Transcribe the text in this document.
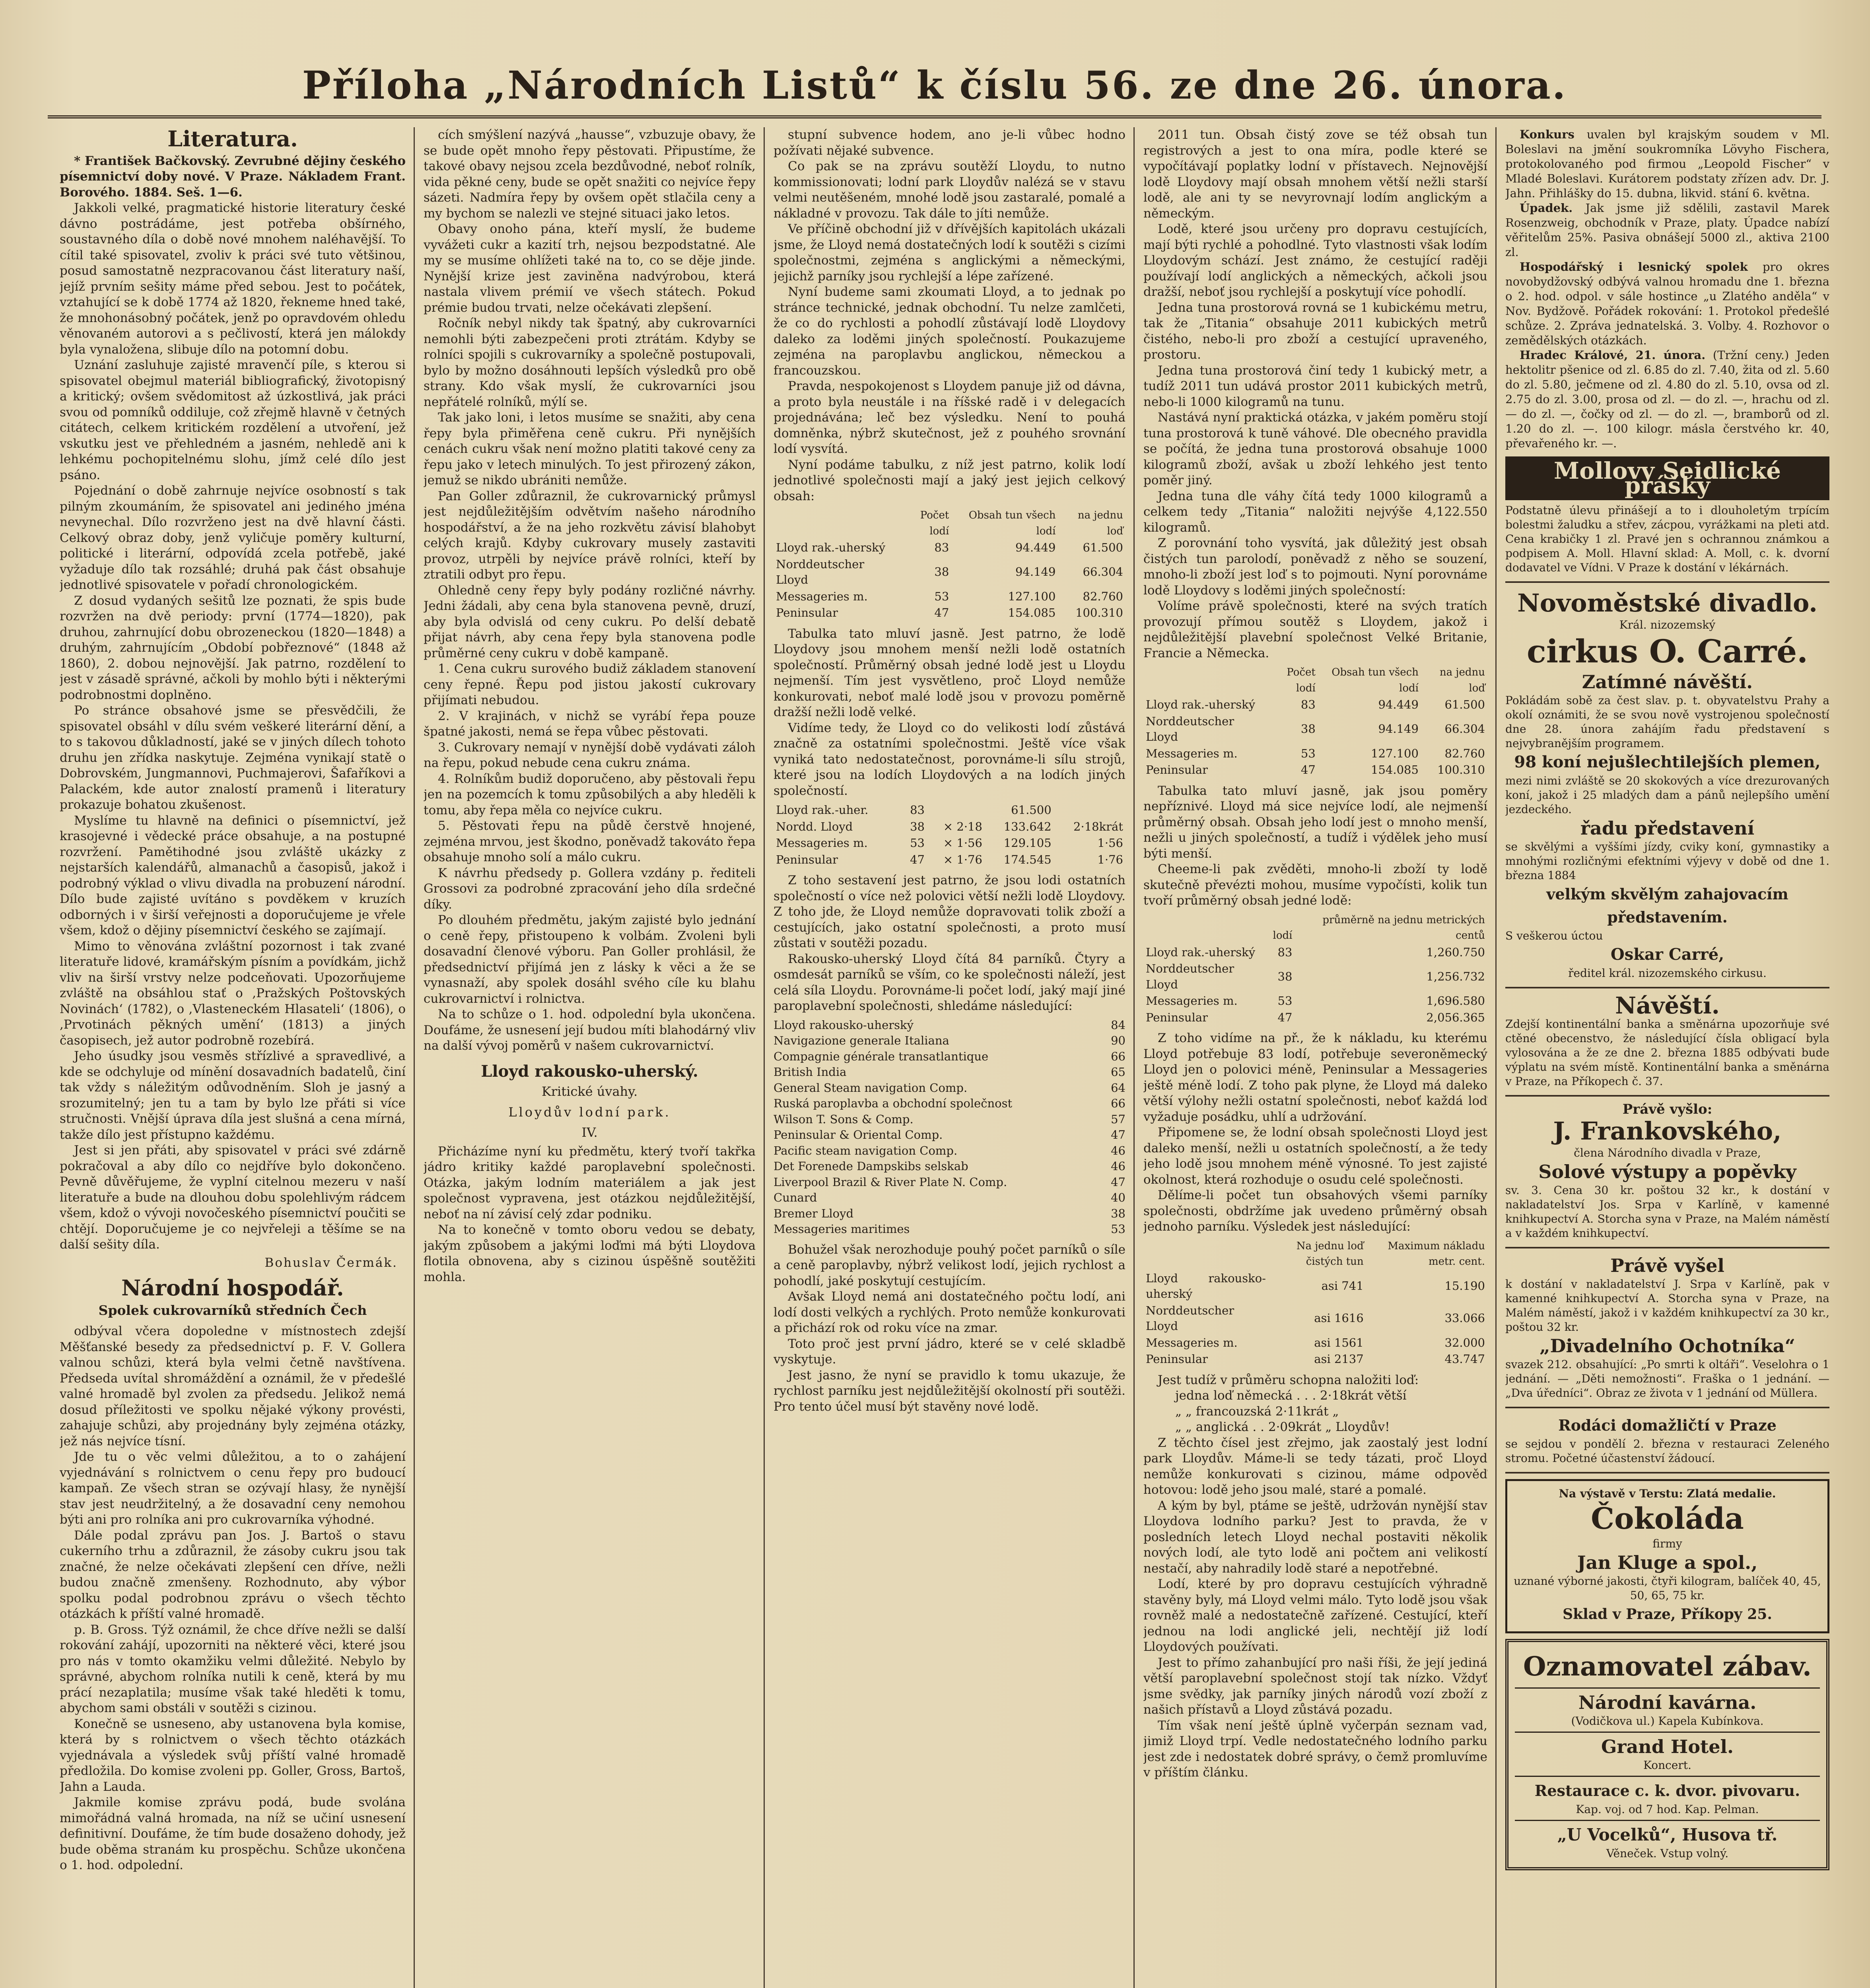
Příloha „Národních Listů“ k číslu 56. ze dne 26. února.
Literatura.

* František Bačkovský. Zevrubné dějiny českého písemnictví doby nové. V Praze. Nákladem Frant. Borového. 1884. Seš. 1—6.

Jakkoli velké, pragmatické historie literatury české dávno postrádáme, jest potřeba obšírného, soustavného díla o době nové mnohem naléhavější. To cítil také spisovatel, zvoliv k práci své tuto většinou, posud samostatně nezpracovanou část literatury naší, jejíž prvním sešity máme před sebou. Jest to počátek, vztahující se k době 1774 až 1820, řekneme hned také, že mnohonásobný počátek, jenž po opravdovém ohledu věnovaném autorovi a s pečlivostí, která jen málokdy byla vynaložena, slibuje dílo na potomní dobu.

Uznání zasluhuje zajisté mravenčí píle, s kterou si spisovatel obejmul materiál bibliografický, životopisný a kritický; ovšem svědomitost až úzkostlivá, jak práci svou od pomníků oddiluje, což zřejmě hlavně v četných citátech, celkem kritickém rozdělení a utvoření, jež vskutku jest ve přehledném a jasném, nehledě ani k lehkému pochopitelnému slohu, jímž celé dílo jest psáno.

Pojednání o době zahrnuje nejvíce osobností s tak pilným zkoumáním, že spisovatel ani jediného jména nevynechal. Dílo rozvrženo jest na dvě hlavní části. Celkový obraz doby, jenž vyličuje poměry kulturní, politické i literární, odpovídá zcela potřebě, jaké vyžaduje dílo tak rozsáhlé; druhá pak část obsahuje jednotlivé spisovatele v pořadí chronologickém.

Z dosud vydaných sešitů lze poznati, že spis bude rozvržen na dvě periody: první (1774—1820), pak druhou, zahrnující dobu obrozeneckou (1820—1848) a druhým, zahrnujícím „Období pobřeznové“ (1848 až 1860), 2. dobou nejnovější. Jak patrno, rozdělení to jest v zásadě správné, ačkoli by mohlo býti i některými podrobnostmi doplněno.

Po stránce obsahové jsme se přesvědčili, že spisovatel obsáhl v dílu svém veškeré literární dění, a to s takovou důkladností, jaké se v jiných dílech tohoto druhu jen zřídka naskytuje. Zejména vynikají statě o Dobrovském, Jungmannovi, Puchmajerovi, Šafaříkovi a Palackém, kde autor znalostí pramenů i literatury prokazuje bohatou zkušenost.

Myslíme tu hlavně na definici o písemnictví, jež krasojevné i vědecké práce obsahuje, a na postupné rozvržení. Pamětihodné jsou zvláště ukázky z nejstarších kalendářů, almanachů a časopisů, jakož i podrobný výklad o vlivu divadla na probuzení národní. Dílo bude zajisté uvítáno s povděkem v kruzích odborných i v širší veřejnosti a doporučujeme je vřele všem, kdož o dějiny písemnictví českého se zajímají.

Mimo to věnována zvláštní pozornost i tak zvané literatuře lidové, kramářským písním a povídkám, jichž vliv na širší vrstvy nelze podceňovati. Upozorňujeme zvláště na obsáhlou stať o ,Pražských Poštovských Novinách‘ (1782), o ,Vlasteneckém Hlasateli‘ (1806), o ,Prvotinách pěkných umění‘ (1813) a jiných časopisech, jež autor podrobně rozebírá.

Jeho úsudky jsou vesměs střízlivé a spravedlivé, a kde se odchyluje od mínění dosavadních badatelů, činí tak vždy s náležitým odůvodněním. Sloh je jasný a srozumitelný; jen tu a tam by bylo lze přáti si více stručnosti. Vnější úprava díla jest slušná a cena mírná, takže dílo jest přístupno každému.

Jest si jen přáti, aby spisovatel v práci své zdárně pokračoval a aby dílo co nejdříve bylo dokončeno. Pevně důvěřujeme, že vyplní citelnou mezeru v naší literatuře a bude na dlouhou dobu spolehlivým rádcem všem, kdož o vývoji novočeského písemnictví poučiti se chtějí. Doporučujeme je co nejvřeleji a těšíme se na další sešity díla.

Bohuslav Čermák.
Národní hospodář.
Spolek cukrovarníků středních Čech

odbýval včera dopoledne v místnostech zdejší Měšťanské besedy za předsednictví p. F. V. Gollera valnou schůzi, která byla velmi četně navštívena. Předseda uvítal shromáždění a oznámil, že v předešlé valné hromadě byl zvolen za předsedu. Jelikož nemá dosud příležitosti ve spolku nějaké výkony provésti, zahajuje schůzi, aby projednány byly zejména otázky, jež nás nejvíce tísní.

Jde tu o věc velmi důležitou, a to o zahájení vyjednávání s rolnictvem o cenu řepy pro budoucí kampaň. Ze všech stran se ozývají hlasy, že nynější stav jest neudržitelný, a že dosavadní ceny nemohou býti ani pro rolníka ani pro cukrovarníka výhodné.

Dále podal zprávu pan Jos. J. Bartoš o stavu cukerního trhu a zdůraznil, že zásoby cukru jsou tak značné, že nelze očekávati zlepšení cen dříve, nežli budou značně zmenšeny. Rozhodnuto, aby výbor spolku podal podrobnou zprávu o všech těchto otázkách k příští valné hromadě.

p. B. Gross. Týž oznámil, že chce dříve nežli se další rokování zahájí, upozorniti na některé věci, které jsou pro nás v tomto okamžiku velmi důležité. Nebylo by správné, abychom rolníka nutili k ceně, která by mu prácí nezaplatila; musíme však také hleděti k tomu, abychom sami obstáli v soutěži s cizinou.

Konečně se usneseno, aby ustanovena byla komise, která by s rolnictvem o všech těchto otázkách vyjednávala a výsledek svůj příští valné hromadě předložila. Do komise zvoleni pp. Goller, Gross, Bartoš, Jahn a Lauda.

Jakmile komise zprávu podá, bude svolána mimořádná valná hromada, na níž se učiní usnesení definitivní. Doufáme, že tím bude dosaženo dohody, jež bude oběma stranám ku prospěchu. Schůze ukončena o 1. hod. odpolední.

cích smýšlení nazývá „hausse“, vzbuzuje obavy, že se bude opět mnoho řepy pěstovati. Připustíme, že takové obavy nejsou zcela bezdůvodné, neboť rolník, vida pěkné ceny, bude se opět snažiti co nejvíce řepy sázeti. Nadmíra řepy by ovšem opět stlačila ceny a my bychom se nalezli ve stejné situaci jako letos.

Obavy onoho pána, kteří myslí, že budeme vyvážeti cukr a kazití trh, nejsou bezpodstatné. Ale my se musíme ohlížeti také na to, co se děje jinde. Nynější krize jest zaviněna nadvýrobou, která nastala vlivem prémií ve všech státech. Pokud prémie budou trvati, nelze očekávati zlepšení.

Ročník nebyl nikdy tak špatný, aby cukrovarníci nemohli býti zabezpečeni proti ztrátám. Kdyby se rolníci spojili s cukrovarníky a společně postupovali, bylo by možno dosáhnouti lepších výsledků pro obě strany. Kdo však myslí, že cukrovarníci jsou nepřátelé rolníků, mýlí se.

Tak jako loni, i letos musíme se snažiti, aby cena řepy byla přiměřena ceně cukru. Při nynějších cenách cukru však není možno platiti takové ceny za řepu jako v letech minulých. To jest přirozený zákon, jemuž se nikdo ubrániti nemůže.

Pan Goller zdůraznil, že cukrovarnický průmysl jest nejdůležitějším odvětvím našeho národního hospodářství, a že na jeho rozkvětu závisí blahobyt celých krajů. Kdyby cukrovary musely zastaviti provoz, utrpěli by nejvíce právě rolníci, kteří by ztratili odbyt pro řepu.

Ohledně ceny řepy byly podány rozličné návrhy. Jedni žádali, aby cena byla stanovena pevně, druzí, aby byla odvislá od ceny cukru. Po delší debatě přijat návrh, aby cena řepy byla stanovena podle průměrné ceny cukru v době kampaně.

1. Cena cukru surového budiž základem stanovení ceny řepné. Řepu pod jistou jakostí cukrovary přijímati nebudou.

2. V krajinách, v nichž se vyrábí řepa pouze špatné jakosti, nemá se řepa vůbec pěstovati.

3. Cukrovary nemají v nynější době vydávati záloh na řepu, pokud nebude cena cukru známa.

4. Rolníkům budiž doporučeno, aby pěstovali řepu jen na pozemcích k tomu způsobilých a aby hleděli k tomu, aby řepa měla co nejvíce cukru.

5. Pěstovati řepu na půdě čerstvě hnojené, zejména mrvou, jest škodno, poněvadž takováto řepa obsahuje mnoho solí a málo cukru.

K návrhu předsedy p. Gollera vzdány p. řediteli Grossovi za podrobné zpracování jeho díla srdečné díky.

Po dlouhém předmětu, jakým zajisté bylo jednání o ceně řepy, přistoupeno k volbám. Zvoleni byli dosavadní členové výboru. Pan Goller prohlásil, že předsednictví přijímá jen z lásky k věci a že se vynasnaží, aby spolek dosáhl svého cíle ku blahu cukrovarnictví i rolnictva.

Na to schůze o 1. hod. odpolední byla ukončena. Doufáme, že usnesení její budou míti blahodárný vliv na další vývoj poměrů v našem cukrovarnictví.

Lloyd rakousko-uherský.
Kritické úvahy.
Lloydův lodní park.
IV.

Přicházíme nyní ku předmětu, který tvoří takřka jádro kritiky každé paroplavební společnosti. Otázka, jakým lodním materiálem a jak jest společnost vypravena, jest otázkou nejdůležitější, neboť na ní závisí celý zdar podniku.

Na to konečně v tomto oboru vedou se debaty, jakým způsobem a jakými loďmi má býti Lloydova flotila obnovena, aby s cizinou úspěšně soutěžiti mohla.

stupní subvence hodem, ano je-li vůbec hodno požívati nějaké subvence.

Co pak se na zprávu soutěží Lloydu, to nutno kommissionovati; lodní park Lloydův nalézá se v stavu velmi neutěšeném, mnohé lodě jsou zastaralé, pomalé a nákladné v provozu. Tak dále to jíti nemůže.

Ve příčině obchodní již v dřívějších kapitolách ukázali jsme, že Lloyd nemá dostatečných lodí k soutěži s cizími společnostmi, zejména s anglickými a německými, jejichž parníky jsou rychlejší a lépe zařízené.

Nyní budeme sami zkoumati Lloyd, a to jednak po stránce technické, jednak obchodní. Tu nelze zamlčeti, že co do rychlosti a pohodlí zůstávají lodě Lloydovy daleko za loděmi jiných společností. Poukazujeme zejména na paroplavbu anglickou, německou a francouzskou.

Pravda, nespokojenost s Lloydem panuje již od dávna, a proto byla neustále i na říšské radě i v delegacích projednávána; leč bez výsledku. Není to pouhá domněnka, nýbrž skutečnost, jež z pouhého srovnání lodí vysvítá.

Nyní podáme tabulku, z níž jest patrno, kolik lodí jednotlivé společnosti mají a jaký jest jejich celkový obsah:

	Počet lodí	Obsah tun všech lodí	na jednu loď
Lloyd rak.-uherský	83	94.449	61.500
Norddeutscher Lloyd	38	94.149	66.304
Messageries m.	53	127.100	82.760
Peninsular	47	154.085	100.310

Tabulka tato mluví jasně. Jest patrno, že lodě Lloydovy jsou mnohem menší nežli lodě ostatních společností. Průměrný obsah jedné lodě jest u Lloydu nejmenší. Tím jest vysvětleno, proč Lloyd nemůže konkurovati, neboť malé lodě jsou v provozu poměrně dražší nežli lodě velké.

Vidíme tedy, že Lloyd co do velikosti lodí zůstává značně za ostatními společnostmi. Ještě více však vyniká tato nedostatečnost, porovnáme-li sílu strojů, které jsou na lodích Lloydových a na lodích jiných společností.

Lloyd rak.-uher.	83		61.500	
Nordd. Lloyd	38	× 2·18	133.642	2·18krát
Messageries m.	53	× 1·56	129.105	1·56
Peninsular	47	× 1·76	174.545	1·76

Z toho sestavení jest patrno, že jsou lodi ostatních společností o více než polovici větší nežli lodě Lloydovy. Z toho jde, že Lloyd nemůže dopravovati tolik zboží a cestujících, jako ostatní společnosti, a proto musí zůstati v soutěži pozadu.

Rakousko-uherský Lloyd čítá 84 parníků. Čtyry a osmdesát parníků se vším, co ke společnosti náleží, jest celá síla Lloydu. Porovnáme-li počet lodí, jaký mají jiné paroplavební společnosti, shledáme následující:

Lloyd rakousko-uherský	84
Navigazione generale Italiana	90
Compagnie générale transatlantique	66
British India	65
General Steam navigation Comp.	64
Ruská paroplavba a obchodní společnost	66
Wilson T. Sons & Comp.	57
Peninsular & Oriental Comp.	47
Pacific steam navigation Comp.	46
Det Forenede Dampskibs selskab	46
Liverpool Brazil & River Plate N. Comp.	47
Cunard	40
Bremer Lloyd	38
Messageries maritimes	53

Bohužel však nerozhoduje pouhý počet parníků o síle a ceně paroplavby, nýbrž velikost lodí, jejich rychlost a pohodlí, jaké poskytují cestujícím.

Avšak Lloyd nemá ani dostatečného počtu lodí, ani lodí dosti velkých a rychlých. Proto nemůže konkurovati a přichází rok od roku více na zmar.

Toto proč jest první jádro, které se v celé skladbě vyskytuje.

Jest jasno, že nyní se pravidlo k tomu ukazuje, že rychlost parníku jest nejdůležitější okolností při soutěži. Pro tento účel musí být stavěny nové lodě.

2011 tun. Obsah čistý zove se též obsah tun registrových a jest to ona míra, podle které se vypočítávají poplatky lodní v přístavech. Nejnovější lodě Lloydovy mají obsah mnohem větší nežli starší lodě, ale ani ty se nevyrovnají lodím anglickým a německým.

Lodě, které jsou určeny pro dopravu cestujících, mají býti rychlé a pohodlné. Tyto vlastnosti však lodím Lloydovým schází. Jest známo, že cestující raději používají lodí anglických a německých, ačkoli jsou dražší, neboť jsou rychlejší a poskytují více pohodlí.

Jedna tuna prostorová rovná se 1 kubickému metru, tak že „Titania“ obsahuje 2011 kubických metrů čistého, nebo-li pro zboží a cestující upraveného, prostoru.

Jedna tuna prostorová činí tedy 1 kubický metr, a tudíž 2011 tun udává prostor 2011 kubických metrů, nebo-li 1000 kilogramů na tunu.

Nastává nyní praktická otázka, v jakém poměru stojí tuna prostorová k tuně váhové. Dle obecného pravidla se počítá, že jedna tuna prostorová obsahuje 1000 kilogramů zboží, avšak u zboží lehkého jest tento poměr jiný.

Jedna tuna dle váhy čítá tedy 1000 kilogramů a celkem tedy „Titania“ naložiti nejvýše 4,122.550 kilogramů.

Z porovnání toho vysvítá, jak důležitý jest obsah čistých tun parolodí, poněvadž z něho se souzení, mnoho-li zboží jest loď s to pojmouti. Nyní porovnáme lodě Lloydovy s loděmi jiných společností:

Volíme právě společnosti, které na svých tratích provozují přímou soutěž s Lloydem, jakož i nejdůležitější plavební společnost Velké Britanie, Francie a Německa.

	Počet lodí	Obsah tun všech lodí	na jednu loď
Lloyd rak.-uherský	83	94.449	61.500
Norddeutscher Lloyd	38	94.149	66.304
Messageries m.	53	127.100	82.760
Peninsular	47	154.085	100.310

Tabulka tato mluví jasně, jak jsou poměry nepříznivé. Lloyd má sice nejvíce lodí, ale nejmenší průměrný obsah. Obsah jeho lodí jest o mnoho menší, nežli u jiných společností, a tudíž i výdělek jeho musí býti menší.

Cheeme-li pak zvěděti, mnoho-li zboží ty lodě skutečně převézti mohou, musíme vypočísti, kolik tun tvoří průměrný obsah jedné lodě:

	lodí	průměrně na jednu metrických centů
Lloyd rak.-uherský	83	1,260.750
Norddeutscher Lloyd	38	1,256.732
Messageries m.	53	1,696.580
Peninsular	47	2,056.365

Z toho vidíme na př., že k nákladu, ku kterému Lloyd potřebuje 83 lodí, potřebuje severoněmecký Lloyd jen o polovici méně, Peninsular a Messageries ještě méně lodí. Z toho pak plyne, že Lloyd má daleko větší výlohy nežli ostatní společnosti, neboť každá loď vyžaduje posádku, uhlí a udržování.

Připomene se, že lodní obsah společnosti Lloyd jest daleko menší, nežli u ostatních společností, a že tedy jeho lodě jsou mnohem méně výnosné. To jest zajisté okolnost, která rozhoduje o osudu celé společnosti.

Dělíme-li počet tun obsahových všemi parníky společnosti, obdržíme jak uvedeno průměrný obsah jednoho parníku. Výsledek jest následující:

	Na jednu loď čistých tun	Maximum nákladu metr. cent.
Lloyd rakousko-uherský	asi 741	15.190
Norddeutscher Lloyd	asi 1616	33.066
Messageries m.	asi 1561	32.000
Peninsular	asi 2137	43.747

Jest tudíž v průměru schopna naložiti loď:

jedna loď německá . . . 2·18krát větší

„ „ francouzská 2·11krát „

„ „ anglická . . 2·09krát „ Lloydův!

Z těchto čísel jest zřejmo, jak zaostalý jest lodní park Lloydův. Máme-li se tedy tázati, proč Lloyd nemůže konkurovati s cizinou, máme odpověď hotovou: lodě jeho jsou malé, staré a pomalé.

A kým by byl, ptáme se ještě, udržován nynější stav Lloydova lodního parku? Jest to pravda, že v posledních letech Lloyd nechal postaviti několik nových lodí, ale tyto lodě ani počtem ani velikostí nestačí, aby nahradily lodě staré a nepotřebné.

Lodí, které by pro dopravu cestujících výhradně stavěny byly, má Lloyd velmi málo. Tyto lodě jsou však rovněž malé a nedostatečně zařízené. Cestující, kteří jednou na lodi anglické jeli, nechtějí již lodí Lloydových používati.

Jest to přímo zahanbující pro naši říši, že její jediná větší paroplavební společnost stojí tak nízko. Vždyť jsme svědky, jak parníky jiných národů vozí zboží z našich přístavů a Lloyd zůstává pozadu.

Tím však není ještě úplně vyčerpán seznam vad, jimiž Lloyd trpí. Vedle nedostatečného lodního parku jest zde i nedostatek dobré správy, o čemž promluvíme v příštím článku.

Konkurs uvalen byl krajským soudem v Ml. Boleslavi na jmění soukromníka Lövyho Fischera, protokolovaného pod firmou „Leopold Fischer“ v Mladé Boleslavi. Kurátorem podstaty zřízen adv. Dr. J. Jahn. Přihlášky do 15. dubna, likvid. stání 6. května.

Úpadek. Jak jsme již sdělili, zastavil Marek Rosenzweig, obchodník v Praze, platy. Úpadce nabízí věřitelům 25%. Pasiva obnášejí 5000 zl., aktiva 2100 zl.

Hospodářský i lesnický spolek pro okres novobydžovský odbývá valnou hromadu dne 1. března o 2. hod. odpol. v sále hostince „u Zlatého anděla“ v Nov. Bydžově. Pořádek rokování: 1. Protokol předešlé schůze. 2. Zpráva jednatelská. 3. Volby. 4. Rozhovor o zemědělských otázkách.

Hradec Králové, 21. února. (Tržní ceny.) Jeden hektolitr pšenice od zl. 6.85 do zl. 7.40, žita od zl. 5.60 do zl. 5.80, ječmene od zl. 4.80 do zl. 5.10, ovsa od zl. 2.75 do zl. 3.00, prosa od zl. — do zl. —, hrachu od zl. — do zl. —, čočky od zl. — do zl. —, bramborů od zl. 1.20 do zl. —. 100 kilogr. másla čerstvého kr. 40, převařeného kr. —.

Mollovy Seidlické prášky
Podstatně úlevu přinášejí a to i dlouholetým trpícím bolestmi žaludku a střev, zácpou, vyrážkami na pleti atd. Cena krabičky 1 zl. Pravé jen s ochrannou známkou a podpisem A. Moll. Hlavní sklad: A. Moll, c. k. dvorní dodavatel ve Vídni. V Praze k dostání v lékárnách.
Novoměstské divadlo.
Král. nizozemský
cirkus O. Carré.
Zatímné návěští.
Pokládám sobě za čest slav. p. t. obyvatelstvu Prahy a okolí oznámiti, že se svou nově vystrojenou společností dne 28. února zahájím řadu představení s nejvybranějším programem.
98 koní nejušlechtilejších plemen,
mezi nimi zvláště se 20 skokových a více drezurovaných koní, jakož i 25 mladých dam a pánů nejlepšího umění jezdeckého.
řadu představení
se skvělými a vyššími jízdy, cviky koní, gymnastiky a mnohými rozličnými efektními výjevy v době od dne 1. března 1884
velkým skvělým zahajovacím představením.
S veškerou úctou
Oskar Carré,
ředitel král. nizozemského cirkusu.
Návěští.
Zdejší kontinentální banka a směnárna upozorňuje své ctěné obecenstvo, že následující čísla obligací byla vylosována a že ze dne 2. března 1885 odbývati bude výplatu na svém místě. Kontinentální banka a směnárna v Praze, na Příkopech č. 37.
Právě vyšlo:
J. Frankovského,
člena Národního divadla v Praze,
Solové výstupy a popěvky
sv. 3. Cena 30 kr. poštou 32 kr., k dostání v nakladatelství Jos. Srpa v Karlíně, v kamenné knihkupectví A. Storcha syna v Praze, na Malém náměstí a v každém knihkupectví.
Právě vyšel
k dostání v nakladatelství J. Srpa v Karlíně, pak v kamenné knihkupectví A. Storcha syna v Praze, na Malém náměstí, jakož i v každém knihkupectví za 30 kr., poštou 32 kr.
„Divadelního Ochotníka“
svazek 212. obsahující: „Po smrti k oltáři“. Veselohra o 1 jednání. — „Děti nemožnosti“. Fraška o 1 jednání. — „Dva úředníci“. Obraz ze života v 1 jednání od Müllera.
Rodáci domažličtí v Praze
se sejdou v pondělí 2. března v restauraci Zeleného stromu. Početné účastenství žádoucí.
Na výstavě v Terstu: Zlatá medalie.
Čokoláda
firmy
Jan Kluge a spol.,
uznané výborné jakosti, čtyři kilogram, balíček 40, 45, 50, 65, 75 kr.
Sklad v Praze, Příkopy 25.
Oznamovatel zábav.
Národní kavárna.
(Vodičkova ul.) Kapela Kubínkova.
Grand Hotel.
Koncert.
Restaurace c. k. dvor. pivovaru.
Kap. voj. od 7 hod. Kap. Pelman.
„U Vocelků“, Husova tř.
Věneček. Vstup volný.
